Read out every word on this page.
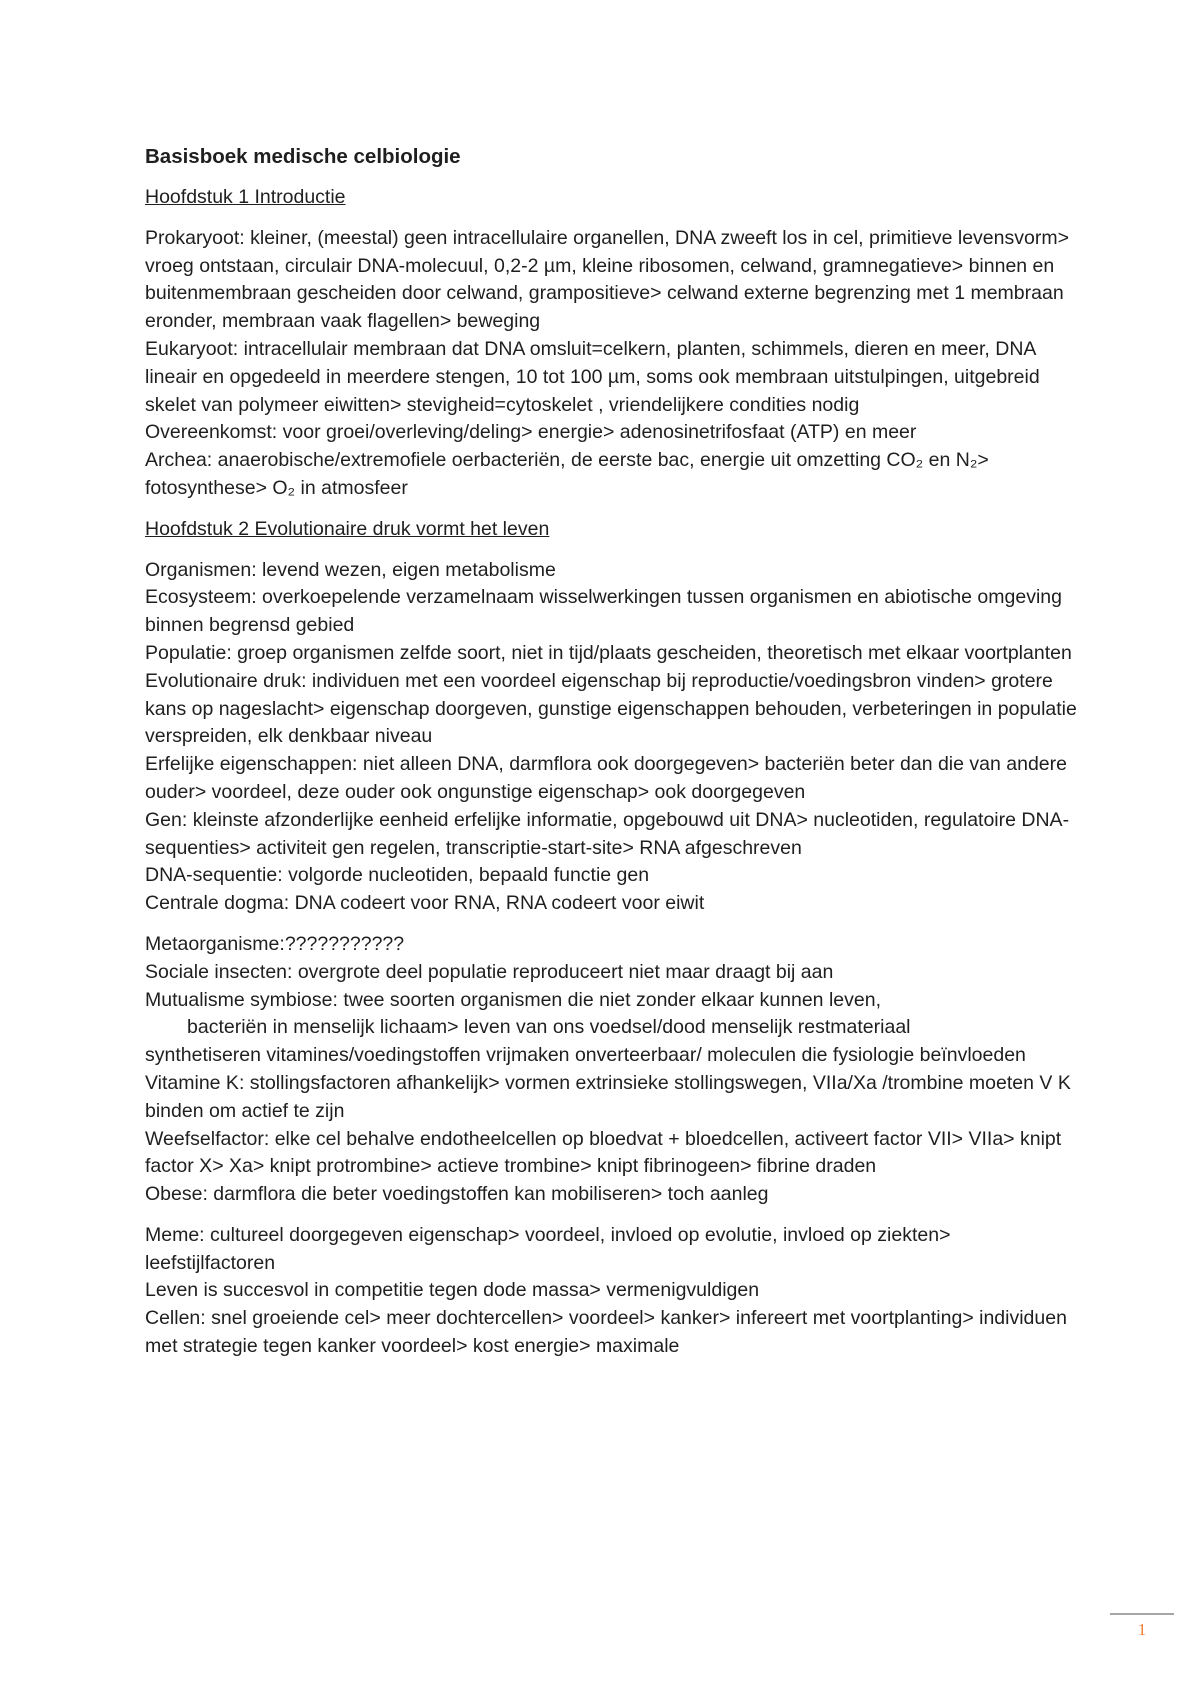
Basisboek medische celbiologie
Hoofdstuk 1 Introductie

Prokaryoot: kleiner, (meestal) geen intracellulaire organellen, DNA zweeft los in cel, primitieve levensvorm> vroeg ontstaan, circulair DNA-molecuul, 0,2-2 µm, kleine ribosomen, celwand, gramnegatieve> binnen en buitenmembraan gescheiden door celwand, grampositieve> celwand externe begrenzing met 1 membraan eronder, membraan vaak flagellen> beweging

Eukaryoot: intracellulair membraan dat DNA omsluit=celkern, planten, schimmels, dieren en meer, DNA lineair en opgedeeld in meerdere stengen, 10 tot 100 µm, soms ook membraan uitstulpingen, uitgebreid skelet van polymeer eiwitten> stevigheid=cytoskelet , vriendelijkere condities nodig

Overeenkomst: voor groei/overleving/deling> energie> adenosinetrifosfaat (ATP) en meer

Archea: anaerobische/extremofiele oerbacteriën, de eerste bac, energie uit omzetting CO₂ en N₂> fotosynthese> O₂ in atmosfeer

Hoofdstuk 2 Evolutionaire druk vormt het leven

Organismen: levend wezen, eigen metabolisme

Ecosysteem: overkoepelende verzamelnaam wisselwerkingen tussen organismen en abiotische omgeving binnen begrensd gebied

Populatie: groep organismen zelfde soort, niet in tijd/plaats gescheiden, theoretisch met elkaar voortplanten

Evolutionaire druk: individuen met een voordeel eigenschap bij reproductie/voedingsbron vinden> grotere kans op nageslacht> eigenschap doorgeven, gunstige eigenschappen behouden, verbeteringen in populatie verspreiden, elk denkbaar niveau

Erfelijke eigenschappen: niet alleen DNA, darmflora ook doorgegeven> bacteriën beter dan die van andere ouder> voordeel, deze ouder ook ongunstige eigenschap> ook doorgegeven

Gen: kleinste afzonderlijke eenheid erfelijke informatie, opgebouwd uit DNA> nucleotiden, regulatoire DNA-sequenties> activiteit gen regelen, transcriptie-start-site> RNA afgeschreven

DNA-sequentie: volgorde nucleotiden, bepaald functie gen

Centrale dogma: DNA codeert voor RNA, RNA codeert voor eiwit

Metaorganisme:???????????

Sociale insecten: overgrote deel populatie reproduceert niet maar draagt bij aan

Mutualisme symbiose: twee soorten organismen die niet zonder elkaar kunnen leven,

bacteriën in menselijk lichaam> leven van ons voedsel/dood menselijk restmateriaal
synthetiseren vitamines/voedingstoffen vrijmaken onverteerbaar/ moleculen die fysiologie beïnvloeden

Vitamine K: stollingsfactoren afhankelijk> vormen extrinsieke stollingswegen, VIIa/Xa /trombine moeten V K binden om actief te zijn

Weefselfactor: elke cel behalve endotheelcellen op bloedvat + bloedcellen, activeert factor VII> VIIa> knipt factor X> Xa> knipt protrombine> actieve trombine> knipt fibrinogeen> fibrine draden

Obese: darmflora die beter voedingstoffen kan mobiliseren> toch aanleg

Meme: cultureel doorgegeven eigenschap> voordeel, invloed op evolutie, invloed op ziekten> leefstijlfactoren

Leven is succesvol in competitie tegen dode massa> vermenigvuldigen

Cellen: snel groeiende cel> meer dochtercellen> voordeel> kanker> infereert met voortplanting> individuen met strategie tegen kanker voordeel> kost energie> maximale

1
